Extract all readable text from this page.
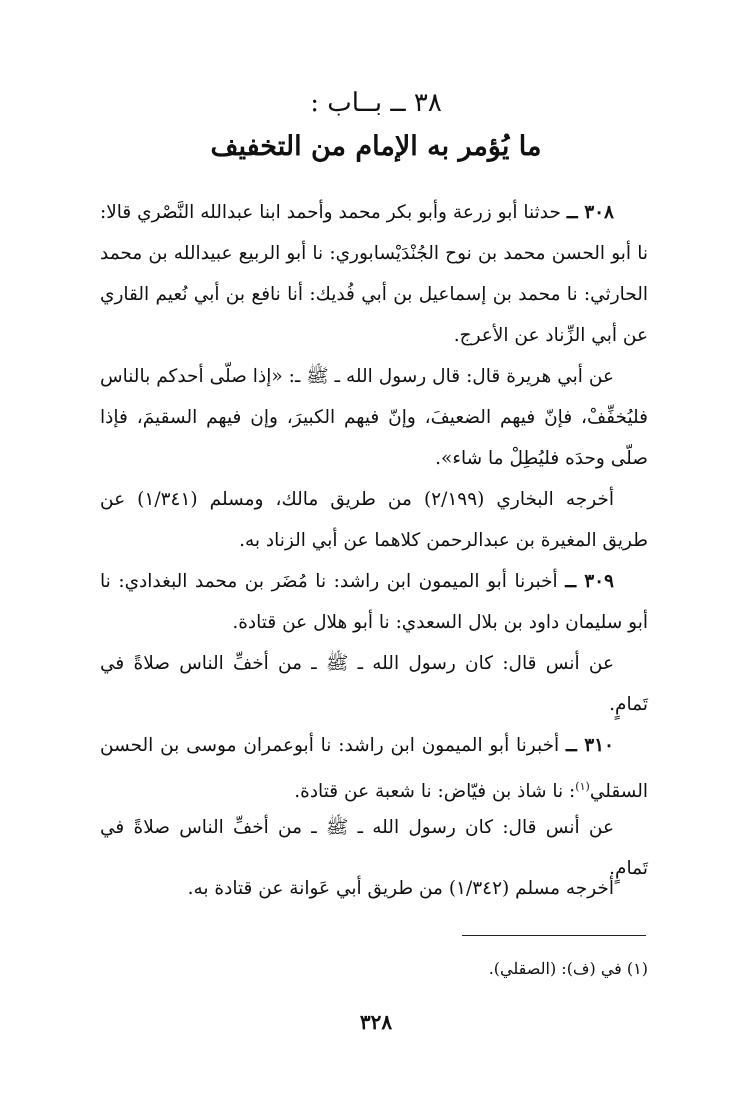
٣٨ ــ بــاب :
ما يُؤمر به الإمام من التخفيف
٣٠٨ ــ حدثنا أبو زرعة وأبو بكر محمد وأحمد ابنا عبدالله النَّصْري قالا: نا أبو الحسن محمد بن نوح الجُنْدَيْسابوري: نا أبو الربيع عبيدالله بن محمد الحارثي: نا محمد بن إسماعيل بن أبي فُديك: أنا نافع بن أبي نُعيم القاري عن أبي الزِّناد عن الأعرج.
عن أبي هريرة قال: قال رسول الله ـ ﷺ ـ: «إذا صلّى أحدكم بالناس فليُخفِّفْ، فإنّ فيهم الضعيفَ، وإنّ فيهم الكبيرَ، وإن فيهم السقيمَ، فإذا صلّى وحدَه فليُطِلْ ما شاء».
أخرجه البخاري (٢/١٩٩) من طريق مالك، ومسلم (١/٣٤١) عن طريق المغيرة بن عبدالرحمن كلاهما عن أبي الزناد به.
٣٠٩ ــ أخبرنا أبو الميمون ابن راشد: نا مُضَر بن محمد البغدادي: نا أبو سليمان داود بن بلال السعدي: نا أبو هلال عن قتادة.
عن أنس قال: كان رسول الله ـ ﷺ ـ من أخفِّ الناس صلاةً في تَمامٍ.
٣١٠ ــ أخبرنا أبو الميمون ابن راشد: نا أبوعمران موسى بن الحسن السقلي$^{(١)}$: نا شاذ بن فيّاض: نا شعبة عن قتادة.
عن أنس قال: كان رسول الله ـ ﷺ ـ من أخفِّ الناس صلاةً في تَمامٍ.
أخرجه مسلم (١/٣٤٢) من طريق أبي عَوانة عن قتادة به.
(١) في (ف): (الصقلي).
٣٢٨
